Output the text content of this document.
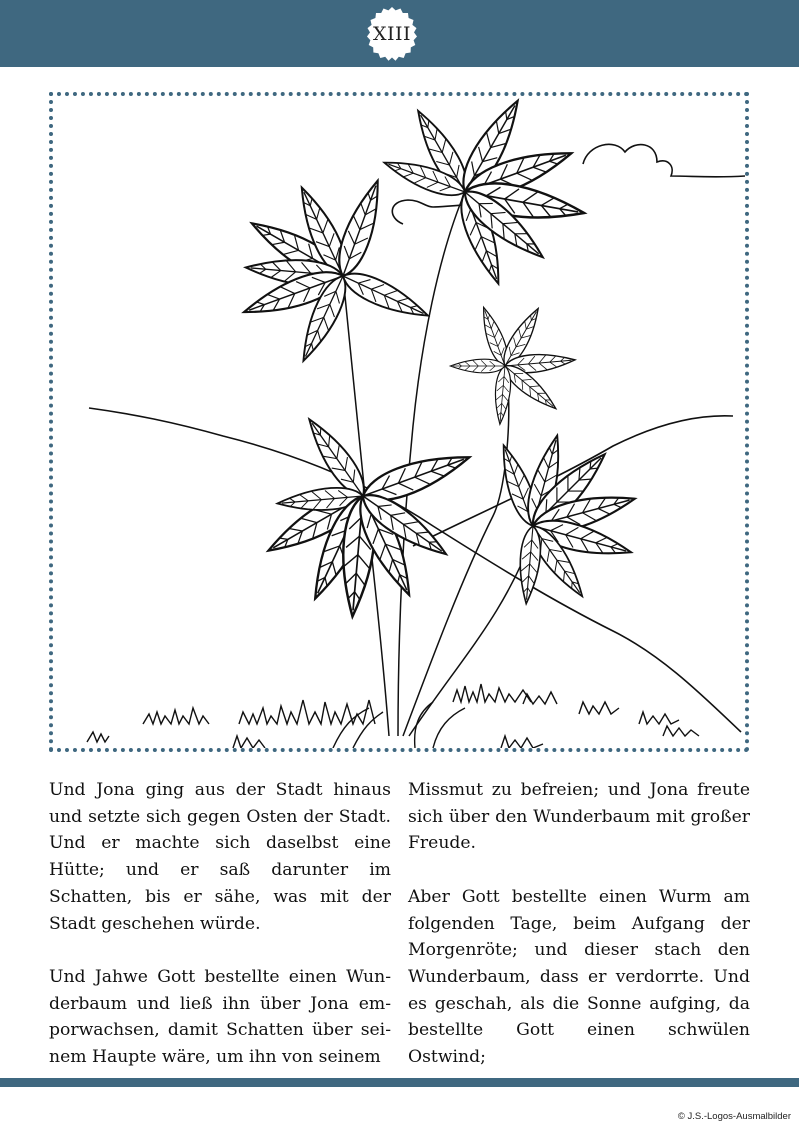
XIII

Und Jona ging aus der Stadt hinaus und setzte sich gegen Osten der Stadt. Und er machte sich daselbst eine Hütte; und er saß darunter im Schatten, bis er sähe, was mit der Stadt geschehen würde.

Und Jahwe Gott bestellte einen Wunderbaum und ließ ihn über Jona emporwachsen, damit Schatten über seinem Haupte wäre, um ihn von seinem

Missmut zu befreien; und Jona freute sich über den Wunderbaum mit großer Freude.

Aber Gott bestellte einen Wurm am folgenden Tage, beim Aufgang der Morgenröte; und dieser stach den Wunderbaum, dass er verdorrte. Und es geschah, als die Sonne aufging, da bestellte Gott einen schwülen Ostwind;

© J.S.-Logos-Ausmalbilder
